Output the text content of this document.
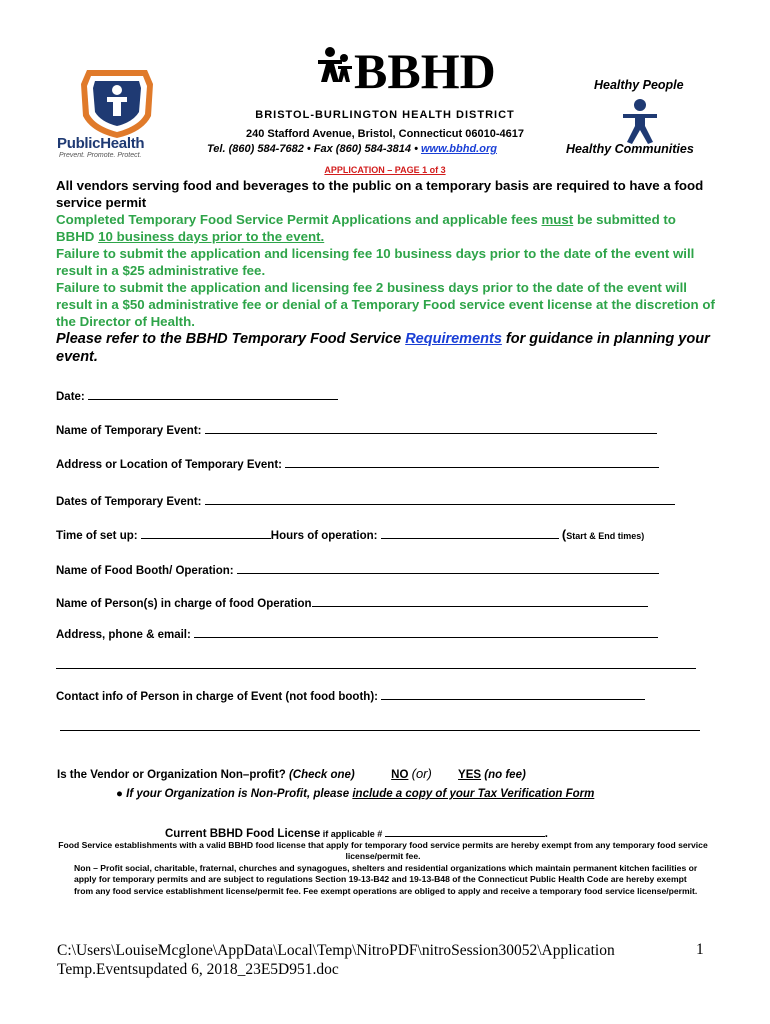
PublicHealth
Prevent. Promote. Protect.
BBHD	Healthy People
Healthy Communities
BRISTOL-BURLINGTON HEALTH DISTRICT
240 Stafford Avenue, Bristol, Connecticut 06010-4617
Tel. (860) 584-7682 • Fax (860) 584-3814 • www.bbhd.org
APPLICATION – PAGE 1 of 3
All vendors serving food and beverages to the public on a temporary basis are required to have a food service permit
Completed Temporary Food Service Permit Applications and applicable fees must be submitted to BBHD 10 business days prior to the event.
Failure to submit the application and licensing fee 10 business days prior to the date of the event will result in a $25 administrative fee.
Failure to submit the application and licensing fee 2 business days prior to the date of the event will result in a $50 administrative fee or denial of a Temporary Food service event license at the discretion of the Director of Health.
Please refer to the BBHD Temporary Food Service Requirements for guidance in planning your event.
Date:
Name of Temporary Event:
Address or Location of Temporary Event:
Dates of Temporary Event:
Time of set up:	Hours of operation:	(Start & End times)
Name of Food Booth/ Operation:
Name of Person(s) in charge of food Operation
Address, phone & email:
Contact info of Person in charge of Event (not food booth):
Is the Vendor or Organization Non–profit? (Check one)	NO (or) YES (no fee)
● If your Organization is Non-Profit, please include a copy of your Tax Verification Form
Current BBHD Food License if applicable #	.
Food Service establishments with a valid BBHD food license that apply for temporary food service permits are hereby exempt from any temporary food service license/permit fee.
Non – Profit social, charitable, fraternal, churches and synagogues, shelters and residential organizations which maintain permanent kitchen facilities or apply for temporary permits and are subject to regulations Section 19-13-B42 and 19-13-B48 of the Connecticut Public Health Code are hereby exempt from any food service establishment license/permit fee. Fee exempt operations are obliged to apply and receive a temporary food service license/permit.
C:\Users\LouiseMcglone\AppData\Local\Temp\NitroPDF\nitroSession30052\Application Temp.Eventsupdated 6, 2018_23E5D951.doc
1
